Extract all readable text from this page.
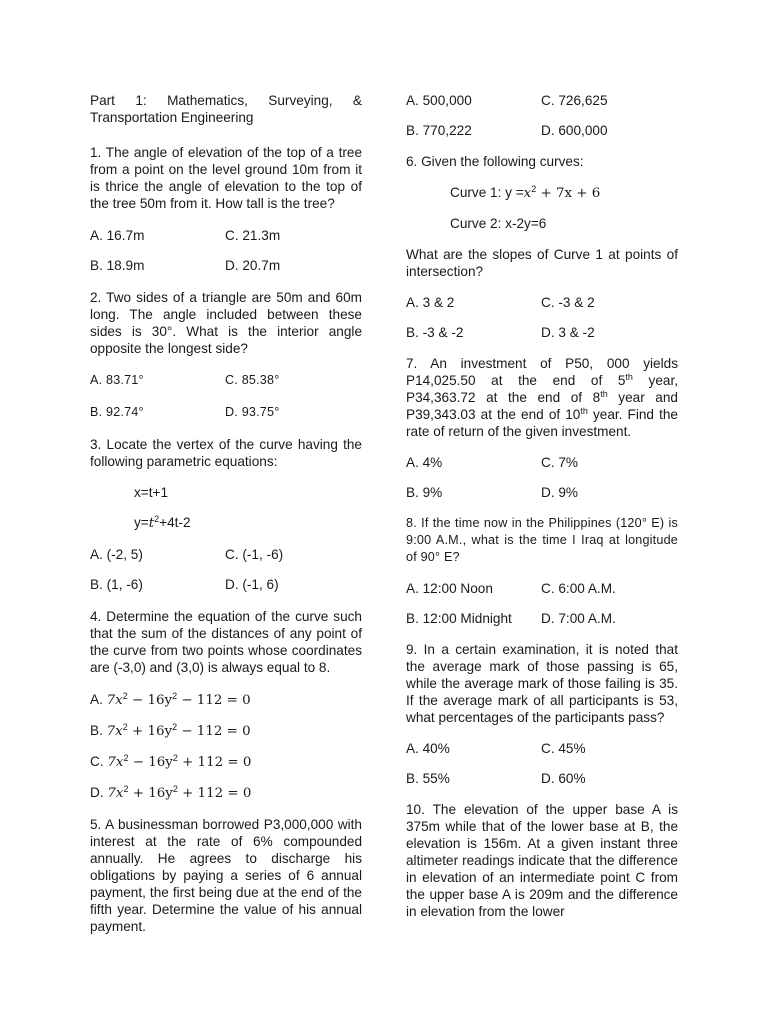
Part 1: Mathematics, Surveying, & Transportation Engineering

1. The angle of elevation of the top of a tree from a point on the level ground 10m from it is thrice the angle of elevation to the top of the tree 50m from it. How tall is the tree?

A. 16.7m	C. 21.3m
B. 18.9m	D. 20.7m

2. Two sides of a triangle are 50m and 60m long. The angle included between these sides is 30°. What is the interior angle opposite the longest side?

A. 83.71°	C. 85.38°
B. 92.74°	D. 93.75°

3. Locate the vertex of the curve having the following parametric equations:

x=t+1

$y=t^2+4t-2$

A. (-2, 5)	C. (-1, -6)
B. (1, -6)	D. (-1, 6)

4. Determine the equation of the curve such that the sum of the distances of any point of the curve from two points whose coordinates are (-3,0) and (3,0) is always equal to 8.

A. $7x^2 - 16y^2 - 112 = 0$

B. $7x^2 + 16y^2 - 112 = 0$

C. $7x^2 - 16y^2 + 112 = 0$

D. $7x^2 + 16y^2 + 112 = 0$

5. A businessman borrowed P3,000,000 with interest at the rate of 6% compounded annually. He agrees to discharge his obligations by paying a series of 6 annual payment, the first being due at the end of the fifth year. Determine the value of his annual payment.

A. 500,000	C. 726,625
B. 770,222	D. 600,000

6. Given the following curves:

Curve 1: $y =x^2 + 7x + 6$

Curve 2: x-2y=6

What are the slopes of Curve 1 at points of intersection?

A. 3 & 2	C. -3 & 2
B. -3 & -2	D. 3 & -2

7. An investment of P50, 000 yields P14,025.50 at the end of 5th year, P34,363.72 at the end of 8th year and P39,343.03 at the end of 10th year. Find the rate of return of the given investment.

A. 4%	C. 7%
B. 9%	D. 9%

8. If the time now in the Philippines (120° E) is 9:00 A.M., what is the time I Iraq at longitude of 90° E?

A. 12:00 Noon	C. 6:00 A.M.
B. 12:00 Midnight	D. 7:00 A.M.

9. In a certain examination, it is noted that the average mark of those passing is 65, while the average mark of those failing is 35. If the average mark of all participants is 53, what percentages of the participants pass?

A. 40%	C. 45%
B. 55%	D. 60%

10. The elevation of the upper base A is 375m while that of the lower base at B, the elevation is 156m. At a given instant three altimeter readings indicate that the difference in elevation of an intermediate point C from the upper base A is 209m and the difference in elevation from the lower
